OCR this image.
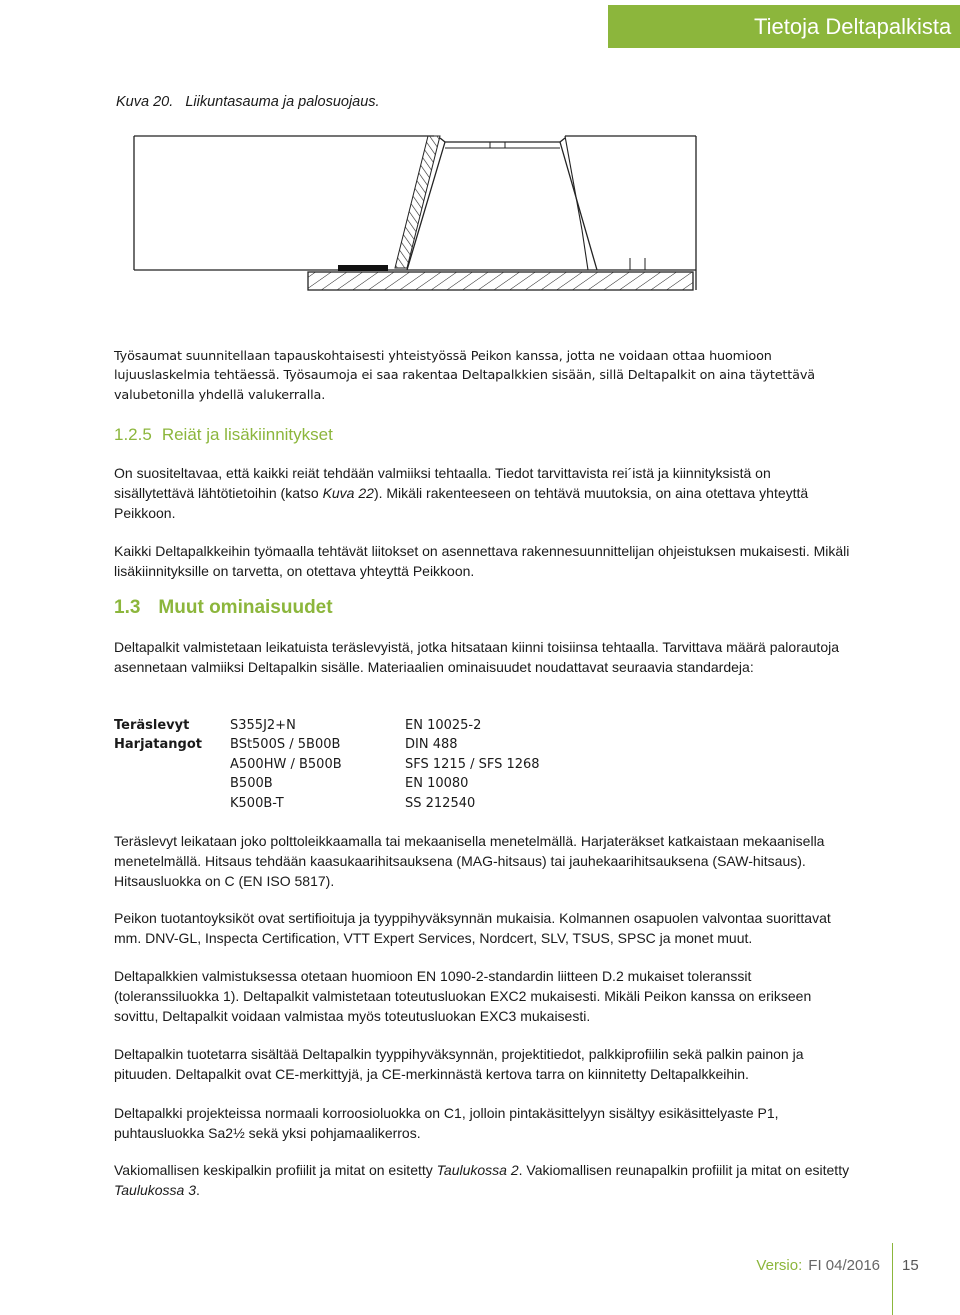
Tietoja Deltapalkista
Kuva 20.   Liikuntasauma ja palosuojaus.

Työsaumat suunnitellaan tapauskohtaisesti yhteistyössä Peikon kanssa, jotta ne voidaan ottaa huomioon lujuuslaskelmia tehtäessä. Työsaumoja ei saa rakentaa Deltapalkkien sisään, sillä Deltapalkit on aina täytettävä valubetonilla yhdellä valukerralla.

1.2.5 Reiät ja lisäkiinnitykset

On suositeltavaa, että kaikki reiät tehdään valmiiksi tehtaalla. Tiedot tarvittavista rei´istä ja kiinnityksistä on sisällytettävä lähtötietoihin (katso Kuva 22). Mikäli rakenteeseen on tehtävä muutoksia, on aina otettava yhteyttä Peikkoon.

Kaikki Deltapalkkeihin työmaalla tehtävät liitokset on asennettava rakennesuunnittelijan ohjeistuksen mukaisesti. Mikäli lisäkiinnityksille on tarvetta, on otettava yhteyttä Peikkoon.

1.3 Muut ominaisuudet

Deltapalkit valmistetaan leikatuista teräslevyistä, jotka hitsataan kiinni toisiinsa tehtaalla. Tarvittava määrä palorautoja asennetaan valmiiksi Deltapalkin sisälle. Materiaalien ominaisuudet noudattavat seuraavia standardeja:

Teräslevyt	S355J2+N	EN 10025-2
Harjatangot BSt500S / 5B00B	DIN 488
A500HW / B500B	SFS 1215 / SFS 1268
B500B	EN 10080
K500B-T	SS 212540

Teräslevyt leikataan joko polttoleikkaamalla tai mekaanisella menetelmällä. Harjateräkset katkaistaan mekaanisella menetelmällä. Hitsaus tehdään kaasukaarihitsauksena (MAG-hitsaus) tai jauhekaarihitsauksena (SAW-hitsaus). Hitsausluokka on C (EN ISO 5817).

Peikon tuotantoyksiköt ovat sertifioituja ja tyyppihyväksynnän mukaisia. Kolmannen osapuolen valvontaa suorittavat mm. DNV-GL, Inspecta Certification, VTT Expert Services, Nordcert, SLV, TSUS, SPSC ja monet muut.

Deltapalkkien valmistuksessa otetaan huomioon EN 1090-2-standardin liitteen D.2 mukaiset toleranssit (toleranssiluokka 1). Deltapalkit valmistetaan toteutusluokan EXC2 mukaisesti. Mikäli Peikon kanssa on erikseen sovittu, Deltapalkit voidaan valmistaa myös toteutusluokan EXC3 mukaisesti.

Deltapalkin tuotetarra sisältää Deltapalkin tyyppihyväksynnän, projektitiedot, palkkiprofiilin sekä palkin painon ja pituuden. Deltapalkit ovat CE-merkittyjä, ja CE-merkinnästä kertova tarra on kiinnitetty Deltapalkkeihin.

Deltapalkki projekteissa normaali korroosioluokka on C1, jolloin pintakäsittelyyn sisältyy esikäsittelyaste P1, puhtausluokka Sa2½ sekä yksi pohjamaalikerros.

Vakiomallisen keskipalkin profiilit ja mitat on esitetty Taulukossa 2. Vakiomallisen reunapalkin profiilit ja mitat on esitetty Taulukossa 3.

Versio: FI 04/2016 15
